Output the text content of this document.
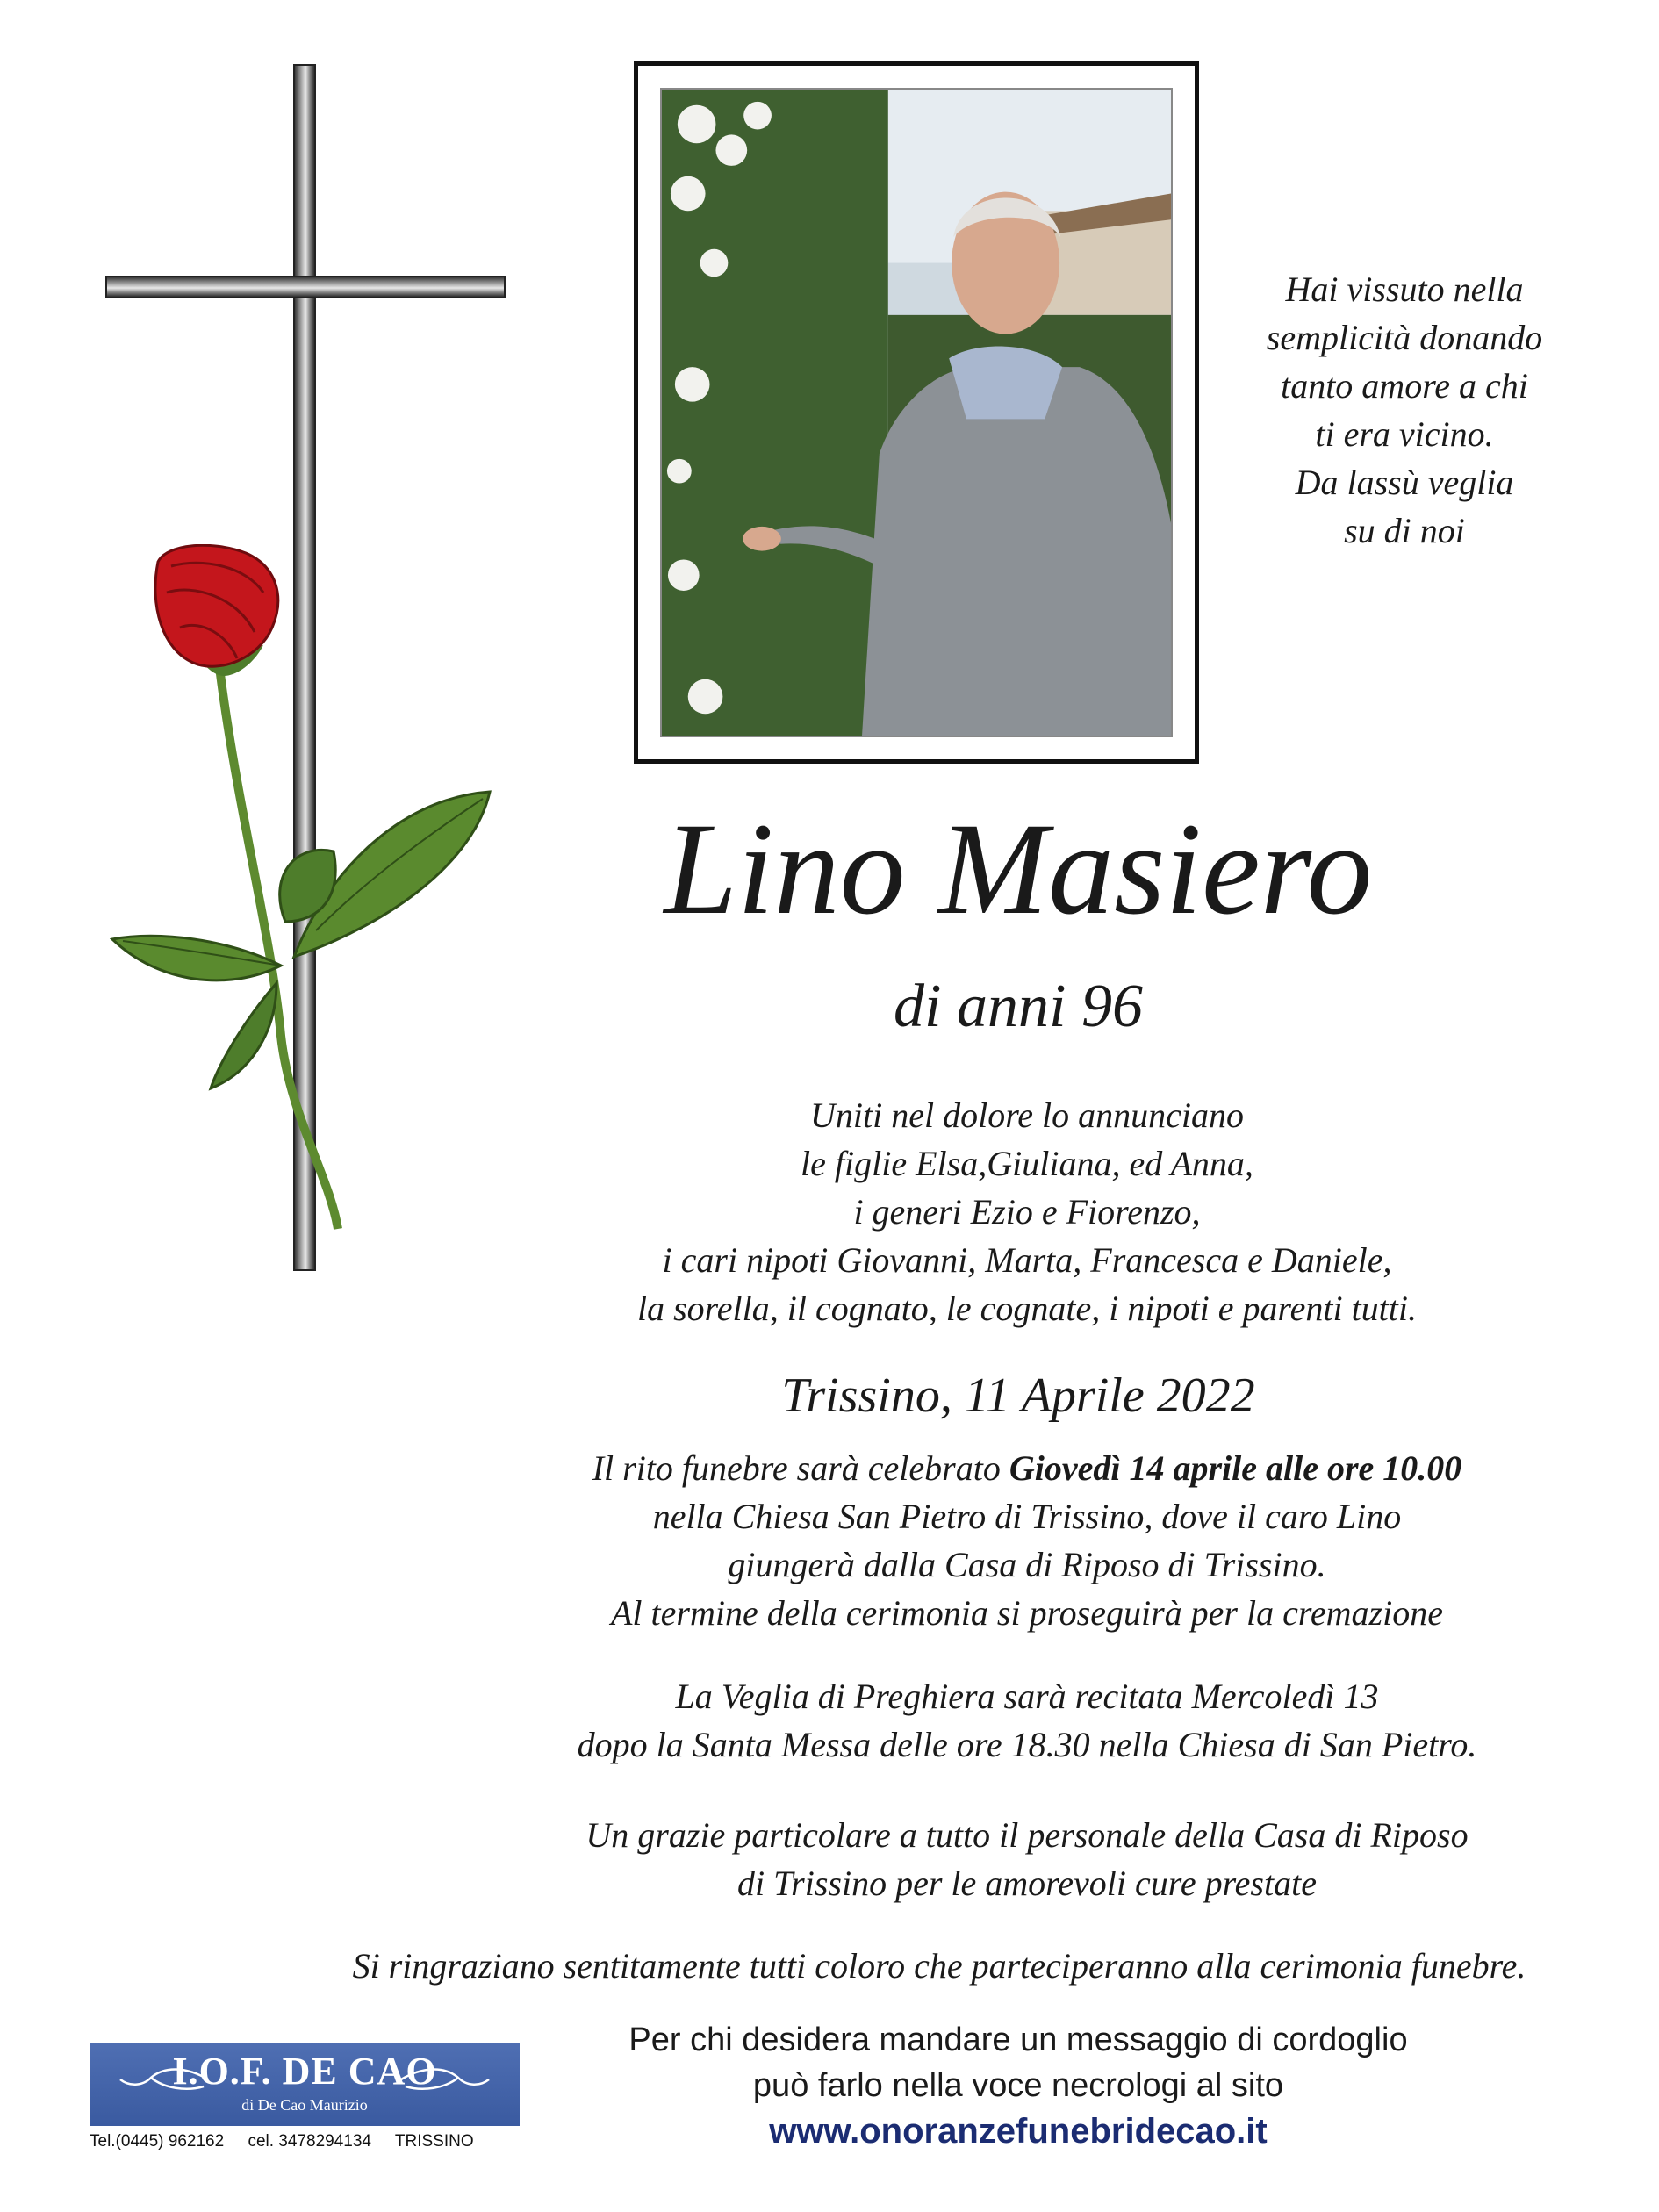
Hai vissuto nella
semplicità donando
tanto amore a chi
ti era vicino.
Da lassù veglia
su di noi
Lino Masiero
di anni 96
Uniti nel dolore lo annunciano
le figlie Elsa,Giuliana, ed Anna,
i generi Ezio e Fiorenzo,
i cari nipoti Giovanni, Marta, Francesca e Daniele,
la sorella, il cognato, le cognate, i nipoti e parenti tutti.
Trissino, 11 Aprile 2022
Il rito funebre sarà celebrato Giovedì 14 aprile alle ore 10.00
nella Chiesa San Pietro di Trissino, dove il caro Lino
giungerà dalla Casa di Riposo di Trissino.
Al termine della cerimonia si proseguirà per la cremazione
La Veglia di Preghiera sarà recitata Mercoledì 13
dopo la Santa Messa delle ore 18.30 nella Chiesa di San Pietro.
Un grazie particolare a tutto il personale della Casa di Riposo
di Trissino per le amorevoli cure prestate
Si ringraziano sentitamente tutti coloro che parteciperanno alla cerimonia funebre.
Per chi desidera mandare un messaggio di cordoglio
può farlo nella voce necrologi al sito
www.onoranzefunebridecao.it
I.O.F. DE CAO
di De Cao Maurizio
Tel.(0445) 962162 cel. 3478294134 TRISSINO
